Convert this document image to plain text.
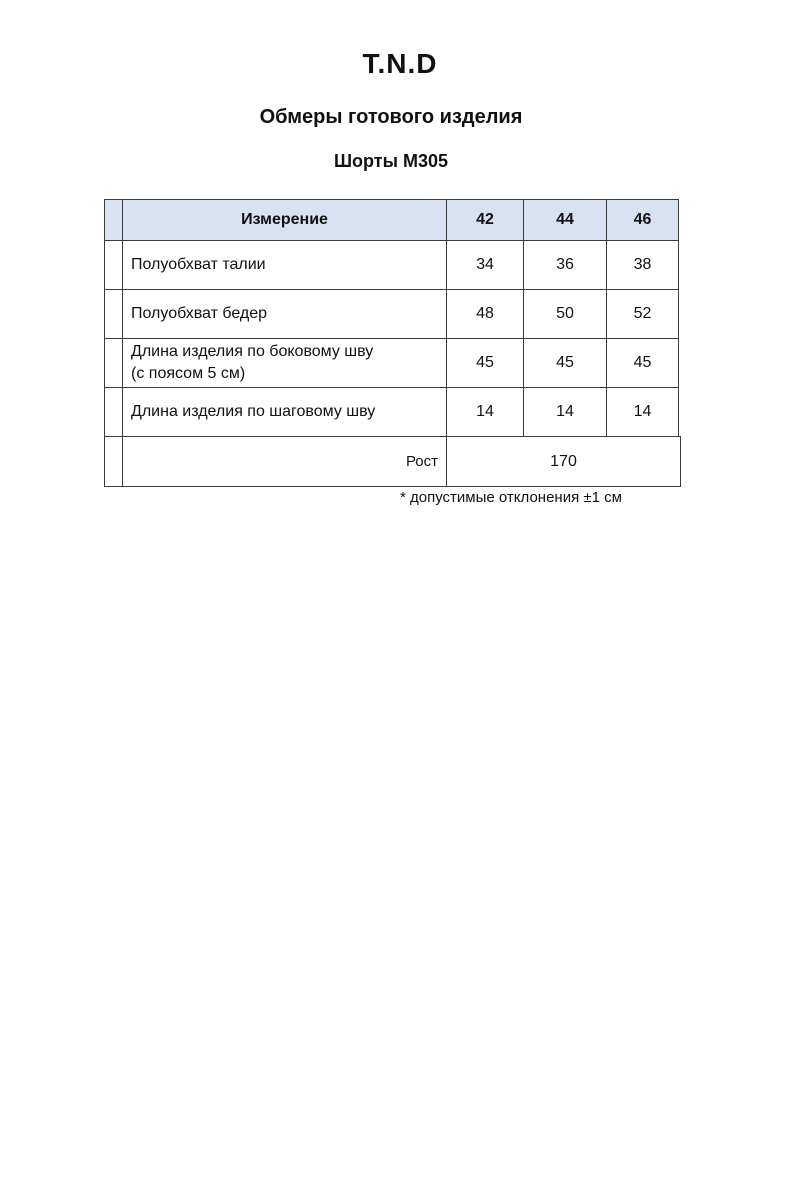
T.N.D
Обмеры готового изделия
Шорты М305
Измерение	42	44	46
Полуобхват талии	34	36	38
Полуобхват бедер	48	50	52
Длина изделия по боковому шву
(с поясом 5 см)
45	45	45
Длина изделия по шаговому шву	14	14	14
Рост	170
* допустимые отклонения ±1 см
